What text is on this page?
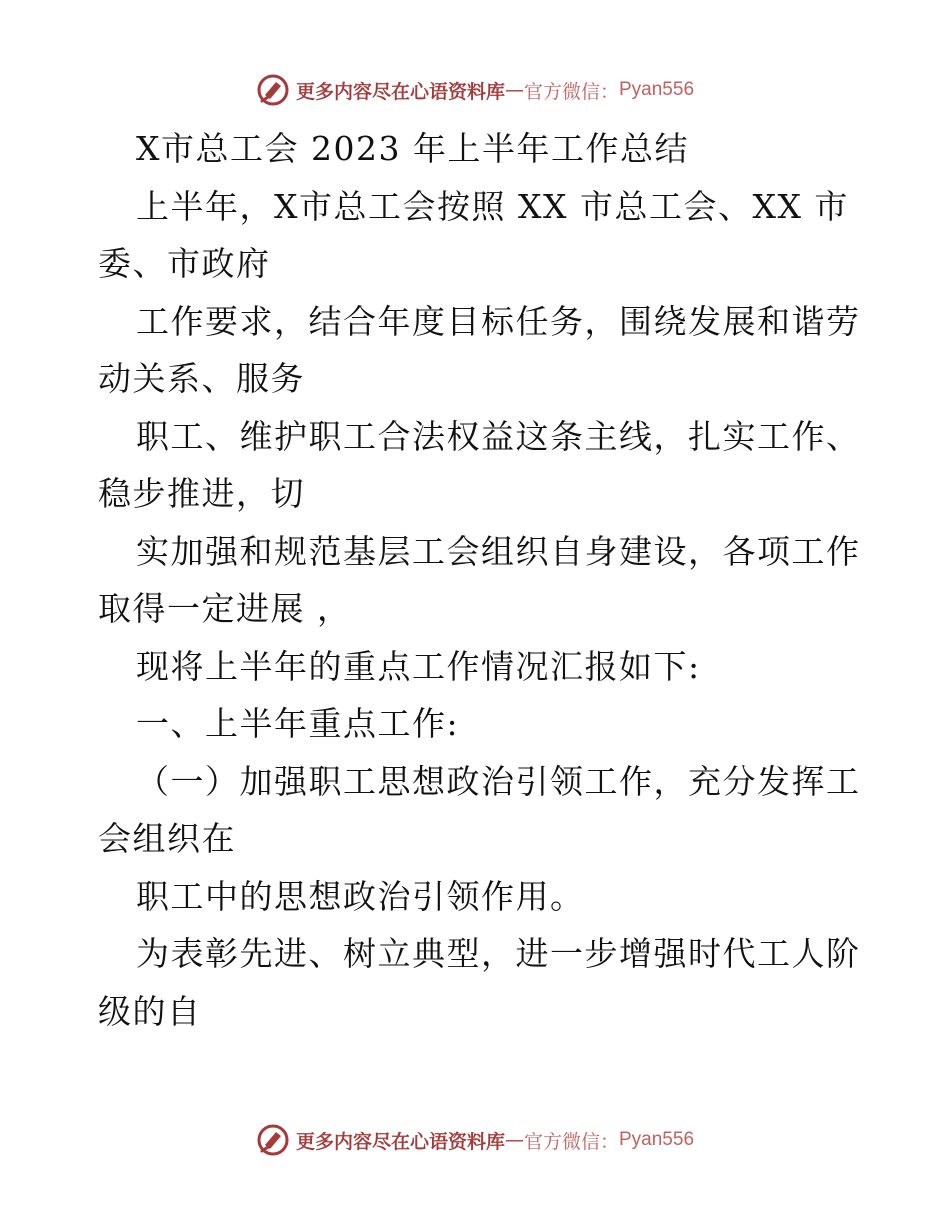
更多内容尽在心语资料库 — 官方微信： Pyan556
X市总工会 2023 年上半年工作总结
上半年，X市总工会按照 XX 市总工会、XX 市
委、市政府
工作要求，结合年度目标任务，围绕发展和谐劳
动关系、服务
职工、维护职工合法权益这条主线，扎实工作、
稳步推进，切
实加强和规范基层工会组织自身建设，各项工作
取得一定进展 ，
现将上半年的重点工作情况汇报如下:
一、上半年重点工作:
（一）加强职工思想政治引领工作，充分发挥工
会组织在
职工中的思想政治引领作用。
为表彰先进、树立典型，进一步增强时代工人阶
级的自
更多内容尽在心语资料库 — 官方微信： Pyan556
